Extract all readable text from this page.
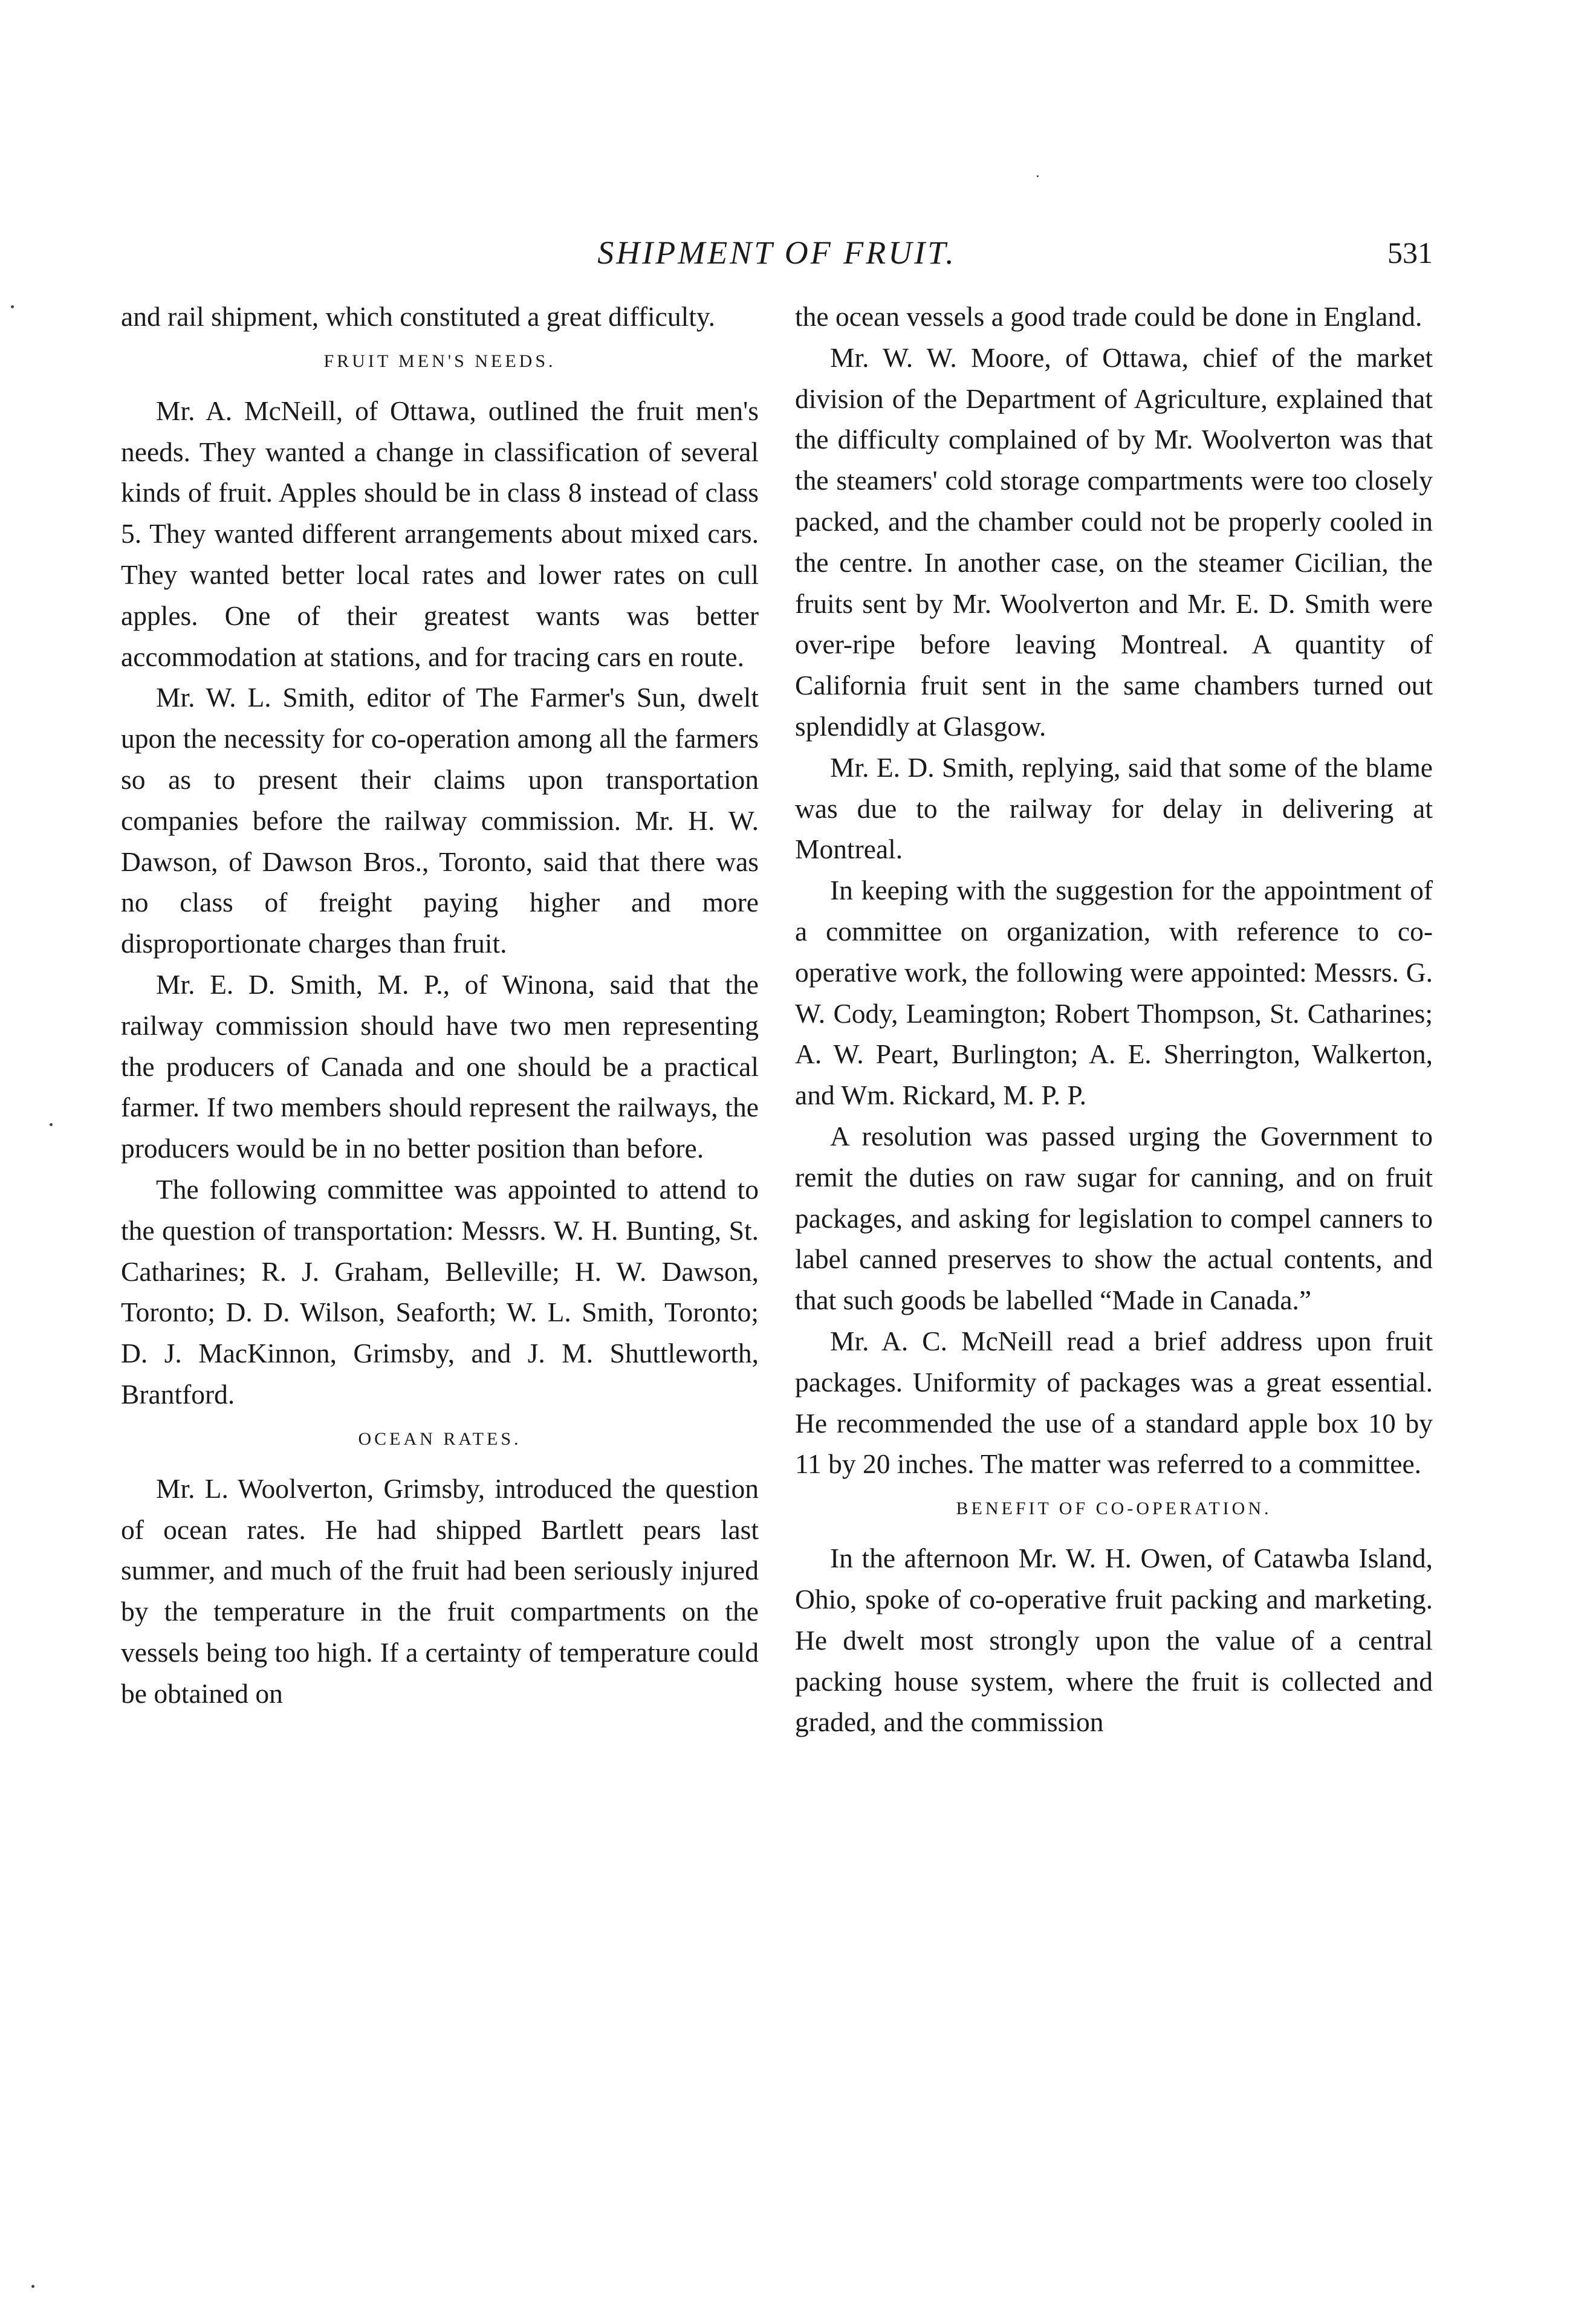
SHIPMENT OF FRUIT.	531

and rail shipment, which constituted a great difficulty.

FRUIT MEN'S NEEDS.

Mr. A. McNeill, of Ottawa, outlined the fruit men's needs. They wanted a change in classification of several kinds of fruit. Apples should be in class 8 instead of class 5. They wanted different arrangements about mixed cars. They wanted better local rates and lower rates on cull apples. One of their greatest wants was better accommodation at stations, and for tracing cars en route.

Mr. W. L. Smith, editor of The Farmer's Sun, dwelt upon the necessity for co-operation among all the farmers so as to present their claims upon transportation companies before the railway commission. Mr. H. W. Dawson, of Dawson Bros., Toronto, said that there was no class of freight paying higher and more disproportionate charges than fruit.

Mr. E. D. Smith, M. P., of Winona, said that the railway commission should have two men representing the producers of Canada and one should be a practical farmer. If two members should represent the railways, the producers would be in no better position than before.

The following committee was appointed to attend to the question of transportation: Messrs. W. H. Bunting, St. Catharines; R. J. Graham, Belleville; H. W. Dawson, Toronto; D. D. Wilson, Seaforth; W. L. Smith, Toronto; D. J. MacKinnon, Grimsby, and J. M. Shuttleworth, Brantford.

OCEAN RATES.

Mr. L. Woolverton, Grimsby, introduced the question of ocean rates. He had shipped Bartlett pears last summer, and much of the fruit had been seriously injured by the temperature in the fruit compartments on the vessels being too high. If a certainty of temperature could be obtained on

the ocean vessels a good trade could be done in England.

Mr. W. W. Moore, of Ottawa, chief of the market division of the Department of Agriculture, explained that the difficulty complained of by Mr. Woolverton was that the steamers' cold storage compartments were too closely packed, and the chamber could not be properly cooled in the centre. In another case, on the steamer Cicilian, the fruits sent by Mr. Woolverton and Mr. E. D. Smith were over-ripe before leaving Montreal. A quantity of California fruit sent in the same chambers turned out splendidly at Glasgow.

Mr. E. D. Smith, replying, said that some of the blame was due to the railway for delay in delivering at Montreal.

In keeping with the suggestion for the appointment of a committee on organization, with reference to co-operative work, the following were appointed: Messrs. G. W. Cody, Leamington; Robert Thompson, St. Catharines; A. W. Peart, Burlington; A. E. Sherrington, Walkerton, and Wm. Rickard, M. P. P.

A resolution was passed urging the Government to remit the duties on raw sugar for canning, and on fruit packages, and asking for legislation to compel canners to label canned preserves to show the actual contents, and that such goods be labelled “Made in Canada.”

Mr. A. C. McNeill read a brief address upon fruit packages. Uniformity of packages was a great essential. He recommended the use of a standard apple box 10 by 11 by 20 inches. The matter was referred to a committee.

BENEFIT OF CO-OPERATION.

In the afternoon Mr. W. H. Owen, of Catawba Island, Ohio, spoke of co-operative fruit packing and marketing. He dwelt most strongly upon the value of a central packing house system, where the fruit is collected and graded, and the commission
